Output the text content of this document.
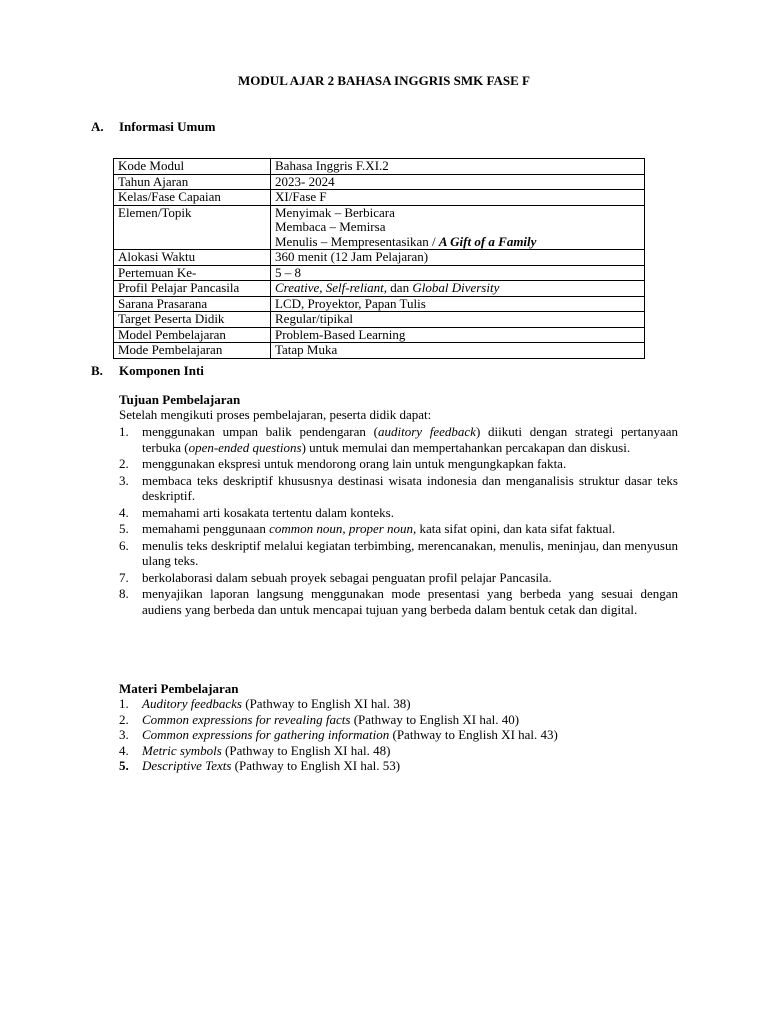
MODUL AJAR 2 BAHASA INGGRIS SMK FASE F
A. Informasi Umum
Kode Modul	Bahasa Inggris F.XI.2
Tahun Ajaran	2023- 2024
Kelas/Fase Capaian	XI/Fase F
Elemen/Topik	Menyimak – Berbicara
Membaca – Memirsa
Menulis – Mempresentasikan / A Gift of a Family

Alokasi Waktu	360 menit (12 Jam Pelajaran)
Pertemuan Ke-	5 – 8
Profil Pelajar Pancasila	Creative, Self-reliant, dan Global Diversity
Sarana Prasarana	LCD, Proyektor, Papan Tulis
Target Peserta Didik	Regular/tipikal
Model Pembelajaran	Problem-Based Learning
Mode Pembelajaran	Tatap Muka
B. Komponen Inti
Tujuan Pembelajaran
Setelah mengikuti proses pembelajaran, peserta didik dapat:
1. menggunakan umpan balik pendengaran (auditory feedback) diikuti dengan strategi pertanyaan terbuka (open-ended questions) untuk memulai dan mempertahankan percakapan dan diskusi.
2. menggunakan ekspresi untuk mendorong orang lain untuk mengungkapkan fakta.
3. membaca teks deskriptif khususnya destinasi wisata indonesia dan menganalisis struktur dasar teks deskriptif.
4. memahami arti kosakata tertentu dalam konteks.
5. memahami penggunaan common noun, proper noun, kata sifat opini, dan kata sifat faktual.
6. menulis teks deskriptif melalui kegiatan terbimbing, merencanakan, menulis, meninjau, dan menyusun ulang teks.
7. berkolaborasi dalam sebuah proyek sebagai penguatan profil pelajar Pancasila.
8. menyajikan laporan langsung menggunakan mode presentasi yang berbeda yang sesuai dengan audiens yang berbeda dan untuk mencapai tujuan yang berbeda dalam bentuk cetak dan digital.
Materi Pembelajaran
1. Auditory feedbacks (Pathway to English XI hal. 38)
2. Common expressions for revealing facts (Pathway to English XI hal. 40)
3. Common expressions for gathering information (Pathway to English XI hal. 43)
4. Metric symbols (Pathway to English XI hal. 48)
5. Descriptive Texts (Pathway to English XI hal. 53)
